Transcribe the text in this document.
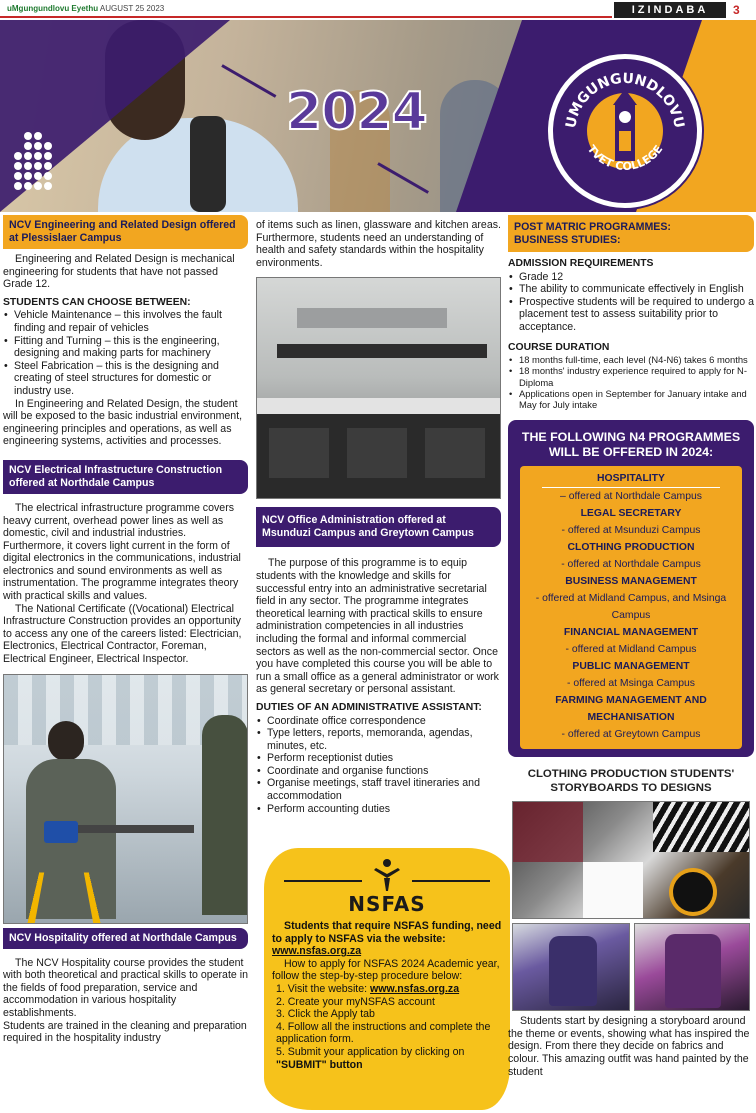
uMgungundlovu Eyethu AUGUST 25 2023	IZINDABA	3
2024	UMGUNGUNDLOVU
TVET COLLEGE
NCV Engineering and Related Design offered at Plessislaer Campus

Engineering and Related Design is mechanical engineering for students that have not passed Grade 12.

STUDENTS CAN CHOOSE BETWEEN:
• Vehicle Maintenance – this involves the fault finding and repair of vehicles
• Fitting and Turning – this is the engineering, designing and making parts for machinery
• Steel Fabrication – this is the designing and creating of steel structures for domestic or industry use.

In Engineering and Related Design, the student will be exposed to the basic industrial environment, engineering principles and operations, as well as engineering systems, activities and processes.

NCV Electrical Infrastructure Construction offered at Northdale Campus

The electrical infrastructure programme covers heavy current, overhead power lines as well as domestic, civil and industrial industries. Furthermore, it covers light current in the form of digital electronics in the communications, industrial electronics and sound environments as well as instrumentation. The programme integrates theory with practical skills and values.

The National Certificate ((Vocational) Electrical Infrastructure Construction provides an opportunity to access any one of the careers listed: Electrician, Electronics, Electrical Contractor, Foreman, Electrical Engineer, Electrical Inspector.

NCV Hospitality offered at Northdale Campus

The NCV Hospitality course provides the student with both theoretical and practical skills to operate in the fields of food preparation, service and accommodation in various hospitality establishments.

Students are trained in the cleaning and preparation required in the hospitality industry

of items such as linen, glassware and kitchen areas. Furthermore, students need an understanding of health and safety standards within the hospitality environments.

NCV Office Administration offered at Msunduzi Campus and Greytown Campus

The purpose of this programme is to equip students with the knowledge and skills for successful entry into an administrative secretarial field in any sector. The programme integrates theoretical learning with practical skills to ensure administration competencies in all industries including the formal and informal commercial sectors as well as the non-commercial sector. Once you have completed this course you will be able to run a small office as a general administrator or work as general secretary or personal assistant.

DUTIES OF AN ADMINISTRATIVE ASSISTANT:
• Coordinate office correspondence
• Type letters, reports, memoranda, agendas, minutes, etc.
• Perform receptionist duties
• Coordinate and organise functions
• Organise meetings, staff travel itineraries and accommodation
• Perform accounting duties
NSFAS

Students that require NSFAS funding, need to apply to NSFAS via the website:

www.nsfas.org.za

How to apply for NSFAS 2024 Academic year, follow the step-by-step procedure below:

1. Visit the website: www.nsfas.org.za

2. Create your myNSFAS account

3. Click the Apply tab

4. Follow all the instructions and complete the application form.

5. Submit your application by clicking on "SUBMIT" button

POST MATRIC PROGRAMMES:
BUSINESS STUDIES:
ADMISSION REQUIREMENTS
• Grade 12
• The ability to communicate effectively in English
• Prospective students will be required to undergo a placement test to assess suitability prior to acceptance.
COURSE DURATION
• 18 months full-time, each level (N4-N6) takes 6 months
• 18 months' industry experience required to apply for N-Diploma
• Applications open in September for January intake and May for July intake
THE FOLLOWING N4 PROGRAMMES WILL BE OFFERED IN 2024:
HOSPITALITY
– offered at Northdale Campus
LEGAL SECRETARY
- offered at Msunduzi Campus
CLOTHING PRODUCTION
- offered at Northdale Campus
BUSINESS MANAGEMENT
- offered at Midland Campus, and Msinga Campus
FINANCIAL MANAGEMENT
- offered at Midland Campus
PUBLIC MANAGEMENT
- offered at Msinga Campus
FARMING MANAGEMENT AND MECHANISATION
- offered at Greytown Campus
CLOTHING PRODUCTION STUDENTS' STORYBOARDS TO DESIGNS

Students start by designing a storyboard around the theme or events, showing what has inspired the design. From there they decide on fabrics and colour. This amazing outfit was hand painted by the student
